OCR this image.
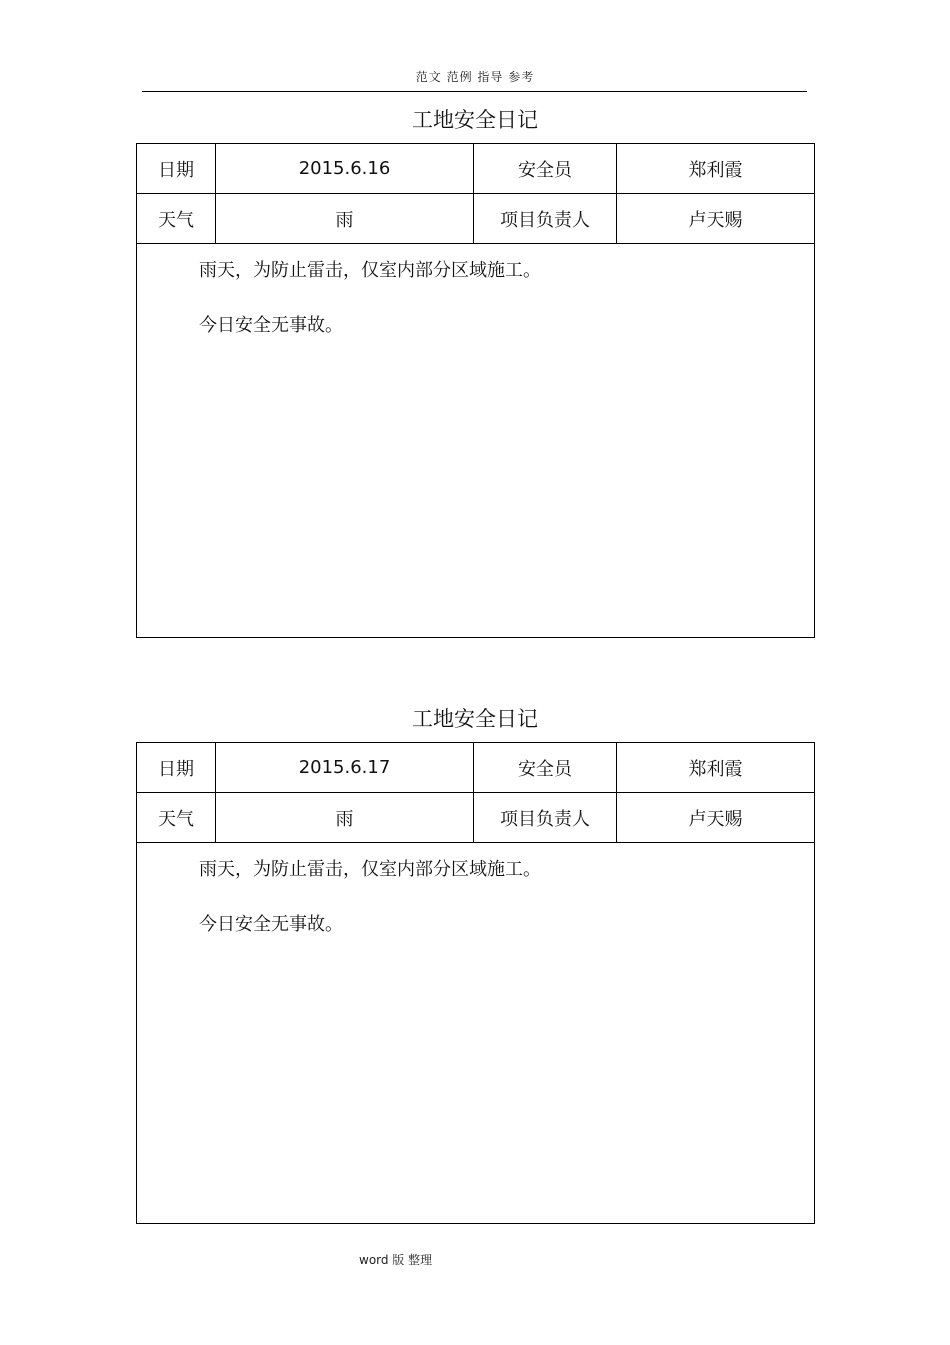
范文 范例 指导 参考
工地安全日记
日期	2015.6.16	安全员	郑利霞
天气	雨	项目负责人	卢天赐

雨天，为防止雷击，仅室内部分区域施工。
今日安全无事故。			
工地安全日记
日期	2015.6.17	安全员	郑利霞
天气	雨	项目负责人	卢天赐

雨天，为防止雷击，仅室内部分区域施工。
今日安全无事故。			
word 版 整理
